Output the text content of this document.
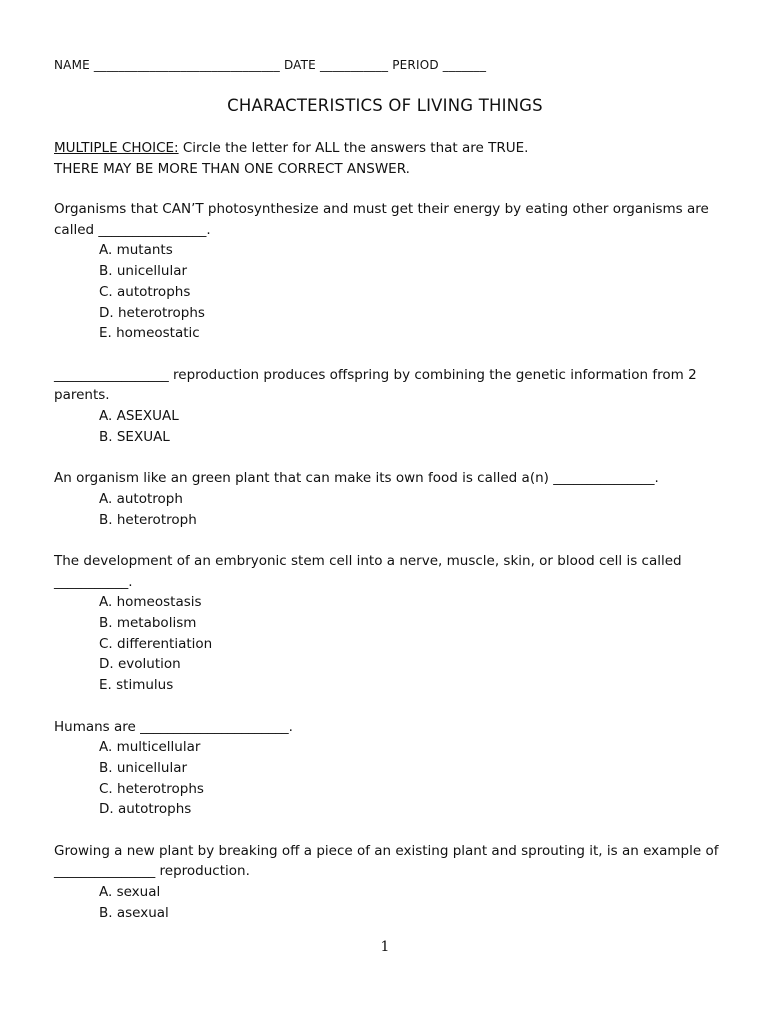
NAME ______________________________ DATE ___________ PERIOD _______
CHARACTERISTICS OF LIVING THINGS
MULTIPLE CHOICE: Circle the letter for ALL the answers that are TRUE.
THERE MAY BE MORE THAN ONE CORRECT ANSWER.

Organisms that CAN’T photosynthesize and must get their energy by eating other organisms are called ________________.

A. mutants
B. unicellular
C. autotrophs
D. heterotrophs
E. homeostatic

_________________ reproduction produces offspring by combining the genetic information from 2 parents.

A. ASEXUAL
B. SEXUAL

An organism like an green plant that can make its own food is called a(n) _______________.

A. autotroph
B. heterotroph

The development of an embryonic stem cell into a nerve, muscle, skin, or blood cell is called ___________.

A. homeostasis
B. metabolism
C. differentiation
D. evolution
E. stimulus

Humans are ______________________.

A. multicellular
B. unicellular
C. heterotrophs
D. autotrophs

Growing a new plant by breaking off a piece of an existing plant and sprouting it, is an example of _______________ reproduction.

A. sexual
B. asexual
1
